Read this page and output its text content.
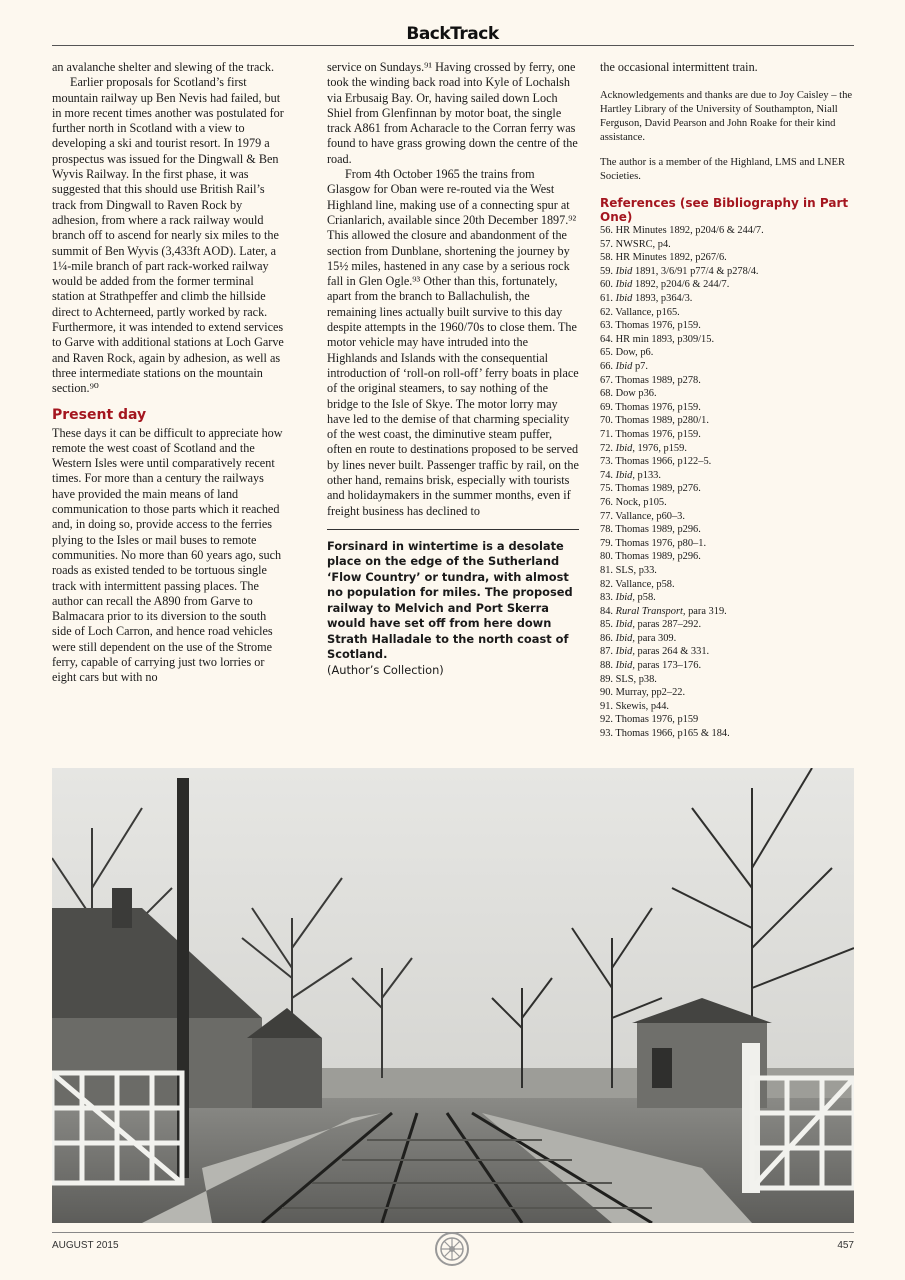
BackTrack

an avalanche shelter and slewing of the track.

Earlier proposals for Scotland’s first mountain railway up Ben Nevis had failed, but in more recent times another was postulated for further north in Scotland with a view to developing a ski and tourist resort. In 1979 a prospectus was issued for the Dingwall & Ben Wyvis Railway. In the first phase, it was suggested that this should use British Rail’s track from Dingwall to Raven Rock by adhesion, from where a rack railway would branch off to ascend for nearly six miles to the summit of Ben Wyvis (3,433ft AOD). Later, a 1¼-mile branch of part rack-worked railway would be added from the former terminal station at Strathpeffer and climb the hillside direct to Achterneed, partly worked by rack. Furthermore, it was intended to extend services to Garve with additional stations at Loch Garve and Raven Rock, again by adhesion, as well as three intermediate stations on the mountain section.⁹⁰

Present day

These days it can be difficult to appreciate how remote the west coast of Scotland and the Western Isles were until comparatively recent times. For more than a century the railways have provided the main means of land communication to those parts which it reached and, in doing so, provide access to the ferries plying to the Isles or mail buses to remote communities. No more than 60 years ago, such roads as existed tended to be tortuous single track with intermittent passing places. The author can recall the A890 from Garve to Balmacara prior to its diversion to the south side of Loch Carron, and hence road vehicles were still dependent on the use of the Strome ferry, capable of carrying just two lorries or eight cars but with no

service on Sundays.⁹¹ Having crossed by ferry, one took the winding back road into Kyle of Lochalsh via Erbusaig Bay. Or, having sailed down Loch Shiel from Glenfinnan by motor boat, the single track A861 from Acharacle to the Corran ferry was found to have grass growing down the centre of the road.

From 4th October 1965 the trains from Glasgow for Oban were re-routed via the West Highland line, making use of a connecting spur at Crianlarich, available since 20th December 1897.⁹² This allowed the closure and abandonment of the section from Dunblane, shortening the journey by 15½ miles, hastened in any case by a serious rock fall in Glen Ogle.⁹³ Other than this, fortunately, apart from the branch to Ballachulish, the remaining lines actually built survive to this day despite attempts in the 1960/70s to close them. The motor vehicle may have intruded into the Highlands and Islands with the consequential introduction of ‘roll-on roll-off’ ferry boats in place of the original steamers, to say nothing of the bridge to the Isle of Skye. The motor lorry may have led to the demise of that charming speciality of the west coast, the diminutive steam puffer, often en route to destinations proposed to be served by lines never built. Passenger traffic by rail, on the other hand, remains brisk, especially with tourists and holidaymakers in the summer months, even if freight business has declined to

Forsinard in wintertime is a desolate place on the edge of the Sutherland ‘Flow Country’ or tundra, with almost no population for miles. The proposed railway to Melvich and Port Skerra would have set off from here down Strath Halladale to the north coast of Scotland.
(Author’s Collection)

the occasional intermittent train.

Acknowledgements and thanks are due to Joy Caisley – the Hartley Library of the University of Southampton, Niall Ferguson, David Pearson and John Roake for their kind assistance.

The author is a member of the Highland, LMS and LNER Societies.

References (see Bibliography in Part One)
56. HR Minutes 1892, p204/6 & 244/7.
57. NWSRC, p4.
58. HR Minutes 1892, p267/6.
59. Ibid 1891, 3/6/91 p77/4 & p278/4.
60. Ibid 1892, p204/6 & 244/7.
61. Ibid 1893, p364/3.
62. Vallance, p165.
63. Thomas 1976, p159.
64. HR min 1893, p309/15.
65. Dow, p6.
66. Ibid p7.
67. Thomas 1989, p278.
68. Dow p36.
69. Thomas 1976, p159.
70. Thomas 1989, p280/1.
71. Thomas 1976, p159.
72. Ibid, 1976, p159.
73. Thomas 1966, p122–5.
74. Ibid, p133.
75. Thomas 1989, p276.
76. Nock, p105.
77. Vallance, p60–3.
78. Thomas 1989, p296.
79. Thomas 1976, p80–1.
80. Thomas 1989, p296.
81. SLS, p33.
82. Vallance, p58.
83. Ibid, p58.
84. Rural Transport, para 319.
85. Ibid, paras 287–292.
86. Ibid, para 309.
87. Ibid, paras 264 & 331.
88. Ibid, paras 173–176.
89. SLS, p38.
90. Murray, pp2–22.
91. Skewis, p44.
92. Thomas 1976, p159
93. Thomas 1966, p165 & 184.
AUGUST 2015	457
